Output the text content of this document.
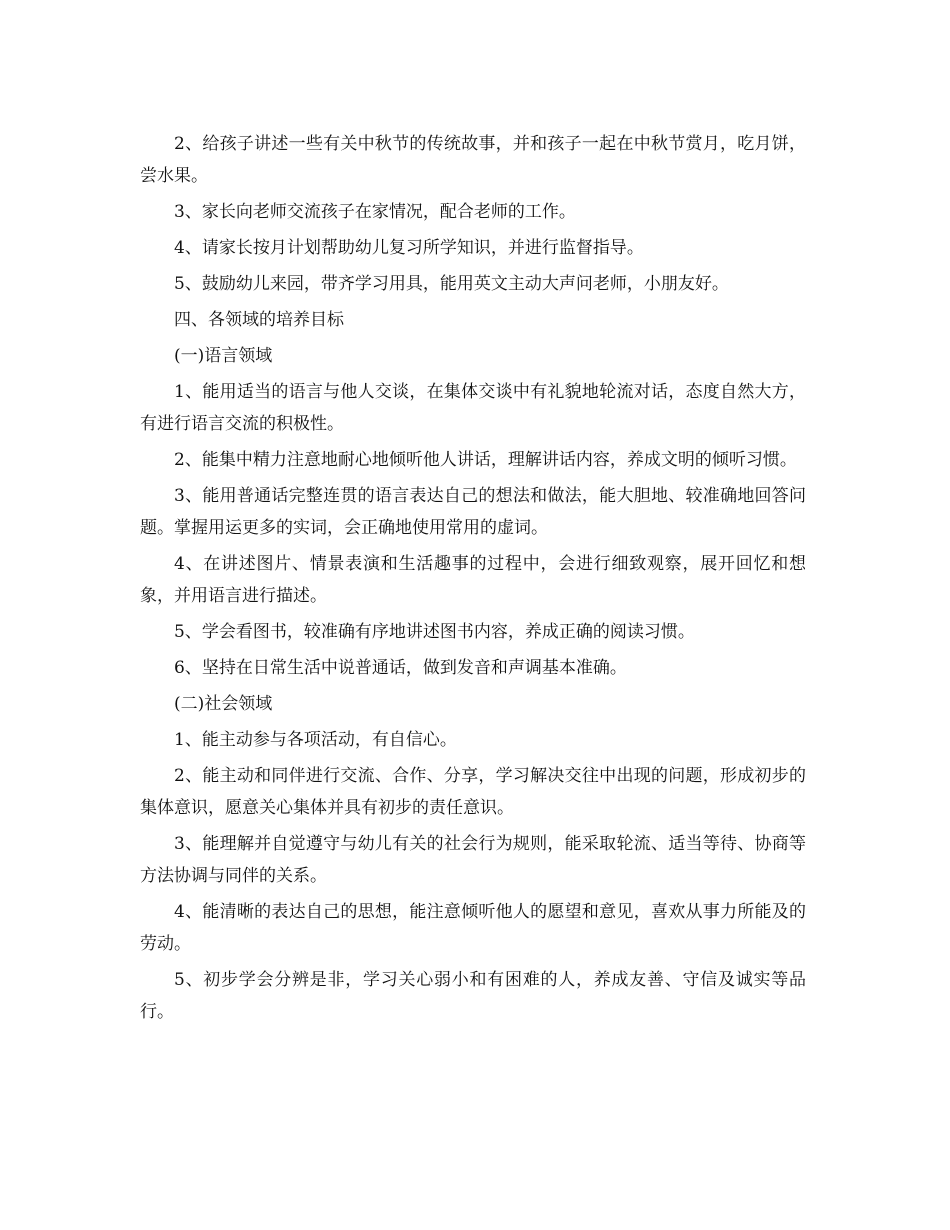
2、给孩子讲述一些有关中秋节的传统故事，并和孩子一起在中秋节赏月，吃月饼，尝水果。

3、家长向老师交流孩子在家情况，配合老师的工作。

4、请家长按月计划帮助幼儿复习所学知识，并进行监督指导。

5、鼓励幼儿来园，带齐学习用具，能用英文主动大声问老师，小朋友好。

四、各领域的培养目标

(一)语言领域

1、能用适当的语言与他人交谈，在集体交谈中有礼貌地轮流对话，态度自然大方，有进行语言交流的积极性。

2、能集中精力注意地耐心地倾听他人讲话，理解讲话内容，养成文明的倾听习惯。

3、能用普通话完整连贯的语言表达自己的想法和做法，能大胆地、较准确地回答问题。掌握用运更多的实词，会正确地使用常用的虚词。

4、在讲述图片、情景表演和生活趣事的过程中，会进行细致观察，展开回忆和想象，并用语言进行描述。

5、学会看图书，较准确有序地讲述图书内容，养成正确的阅读习惯。

6、坚持在日常生活中说普通话，做到发音和声调基本准确。

(二)社会领域

1、能主动参与各项活动，有自信心。

2、能主动和同伴进行交流、合作、分享，学习解决交往中出现的问题，形成初步的集体意识，愿意关心集体并具有初步的责任意识。

3、能理解并自觉遵守与幼儿有关的社会行为规则，能采取轮流、适当等待、协商等方法协调与同伴的关系。

4、能清晰的表达自己的思想，能注意倾听他人的愿望和意见，喜欢从事力所能及的劳动。

5、初步学会分辨是非，学习关心弱小和有困难的人，养成友善、守信及诚实等品行。
